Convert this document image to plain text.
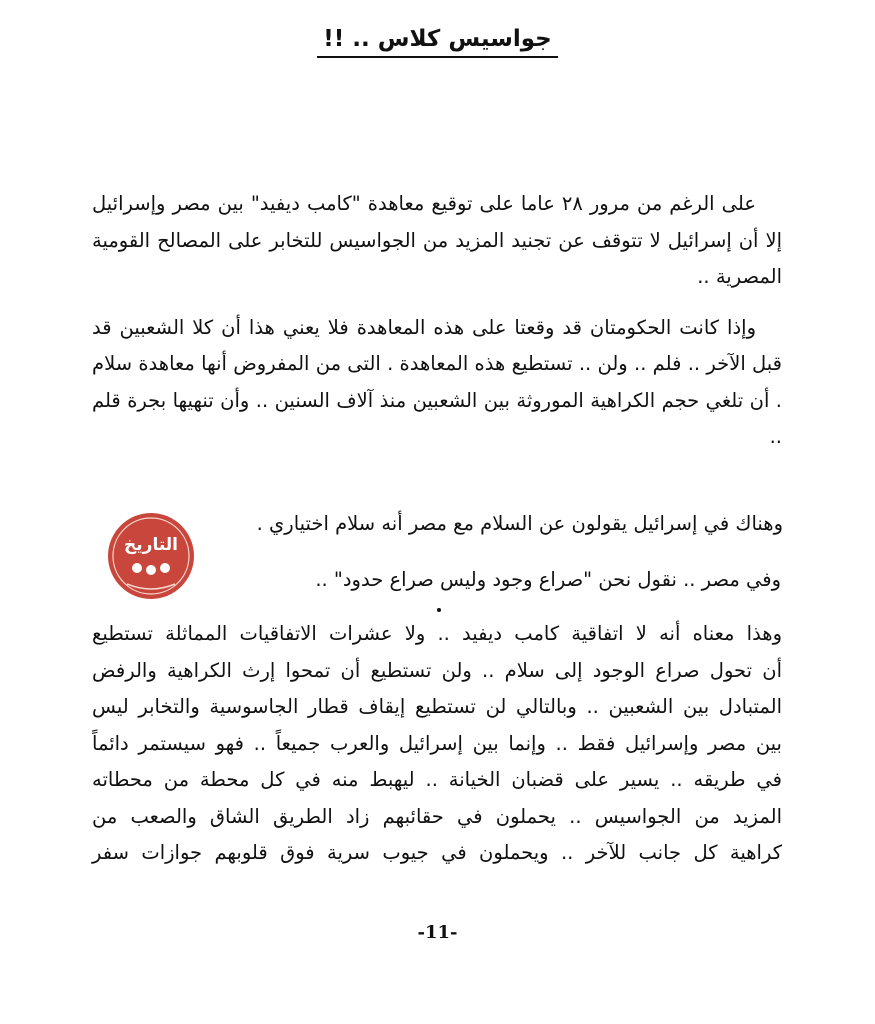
جواسيس كلاس .. !!

على الرغم من مرور ٢٨ عاما على توقيع معاهدة "كامب ديفيد" بين مصر وإسرائيل إلا أن إسرائيل لا تتوقف عن تجنيد المزيد من الجواسيس للتخابر على المصالح القومية المصرية ..

وإذا كانت الحكومتان قد وقعتا على هذه المعاهدة فلا يعني هذا أن كلا الشعبين قد قبل الآخر .. فلم .. ولن .. تستطيع هذه المعاهدة . التى من المفروض أنها معاهدة سلام . أن تلغي حجم الكراهية الموروثة بين الشعبين منذ آلاف السنين .. وأن تنهيها بجرة قلم ..

وهناك في إسرائيل يقولون عن السلام مع مصر أنه سلام اختياري .
وفي مصر .. نقول نحن "صراع وجود وليس صراع حدود" ..
التاريخ

وهذا معناه أنه لا اتفاقية كامب ديفيد .. ولا عشرات الاتفاقيات المماثلة تستطيع

أن تحول صراع الوجود إلى سلام .. ولن تستطيع أن تمحوا إرث الكراهية والرفض

المتبادل بين الشعبين .. وبالتالي لن تستطيع إيقاف قطار الجاسوسية والتخابر ليس

بين مصر وإسرائيل فقط .. وإنما بين إسرائيل والعرب جميعاً .. فهو سيستمر دائماً

في طريقه .. يسير على قضبان الخيانة .. ليهبط منه في كل محطة من محطاته

المزيد من الجواسيس .. يحملون في حقائبهم زاد الطريق الشاق والصعب من

كراهية كل جانب للآخر .. ويحملون في جيوب سرية فوق قلوبهم جوازات سفر

-11-
